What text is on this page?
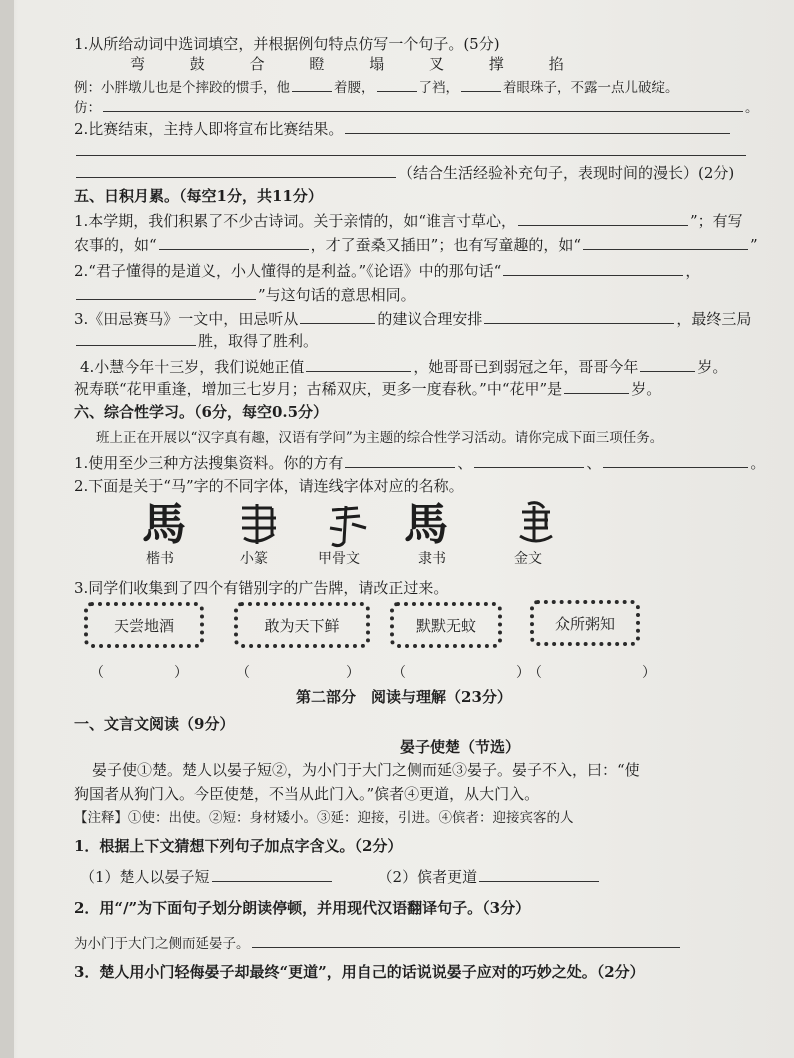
1.从所给动词中选词填空，并根据例句特点仿写一个句子。(5分)
弯	鼓	合	瞪	塌	叉	撑	掐
例：小胖墩儿也是个摔跤的惯手，他	着腰，	了裆，	着眼珠子，不露一点儿破绽。
仿：	。
2.比赛结束，主持人即将宣布比赛结果。
（结合生活经验补充句子，表现时间的漫长）(2分)
五、日积月累。（每空1分，共11分）
1.本学期，我们积累了不少古诗词。关于亲情的，如“谁言寸草心，	”；有写
农事的，如“	，才了蚕桑又插田”；也有写童趣的，如“	”
2.“君子懂得的是道义，小人懂得的是利益。”《论语》中的那句话“	，
”与这句话的意思相同。
3.《田忌赛马》一文中，田忌听从	的建议合理安排	，最终三局
胜，取得了胜利。
4.小慧今年十三岁，我们说她正值	，她哥哥已到弱冠之年，哥哥今年	岁。
祝寿联“花甲重逢，增加三七岁月；古稀双庆，更多一度春秋。”中“花甲”是	岁。
六、综合性学习。（6分，每空0.5分）
班上正在开展以“汉字真有趣，汉语有学问”为主题的综合性学习活动。请你完成下面三项任务。
1.使用至少三种方法搜集资料。你的方有	、	、	。
2.下面是关于“马”字的不同字体，请连线字体对应的名称。
馬	馬
楷书	小篆	甲骨文	隶书	金文
3.同学们收集到了四个有错别字的广告牌，请改正过来。
天尝地酒	敢为天下鲜	默默无蚊	众所粥知
（	）	（	） （	）
（	）
第二部分　阅读与理解（23分）
一、文言文阅读（9分）
晏子使楚（节选）
晏子使①楚。楚人以晏子短②，为小门于大门之侧而延③晏子。晏子不入，曰：“使
狗国者从狗门入。今臣使楚，不当从此门入。”傧者④更道，从大门入。
【注释】①使：出使。②短：身材矮小。③延：迎接，引进。④傧者：迎接宾客的人
1．根据上下文猜想下列句子加点字含义。（2分）
（1）楚人以晏子短	（2）傧者更道
2．用“/”为下面句子划分朗读停顿，并用现代汉语翻译句子。（3分）
为小门于大门之侧而延晏子。
3．楚人用小门轻侮晏子却最终“更道”，用自己的话说说晏子应对的巧妙之处。（2分）
